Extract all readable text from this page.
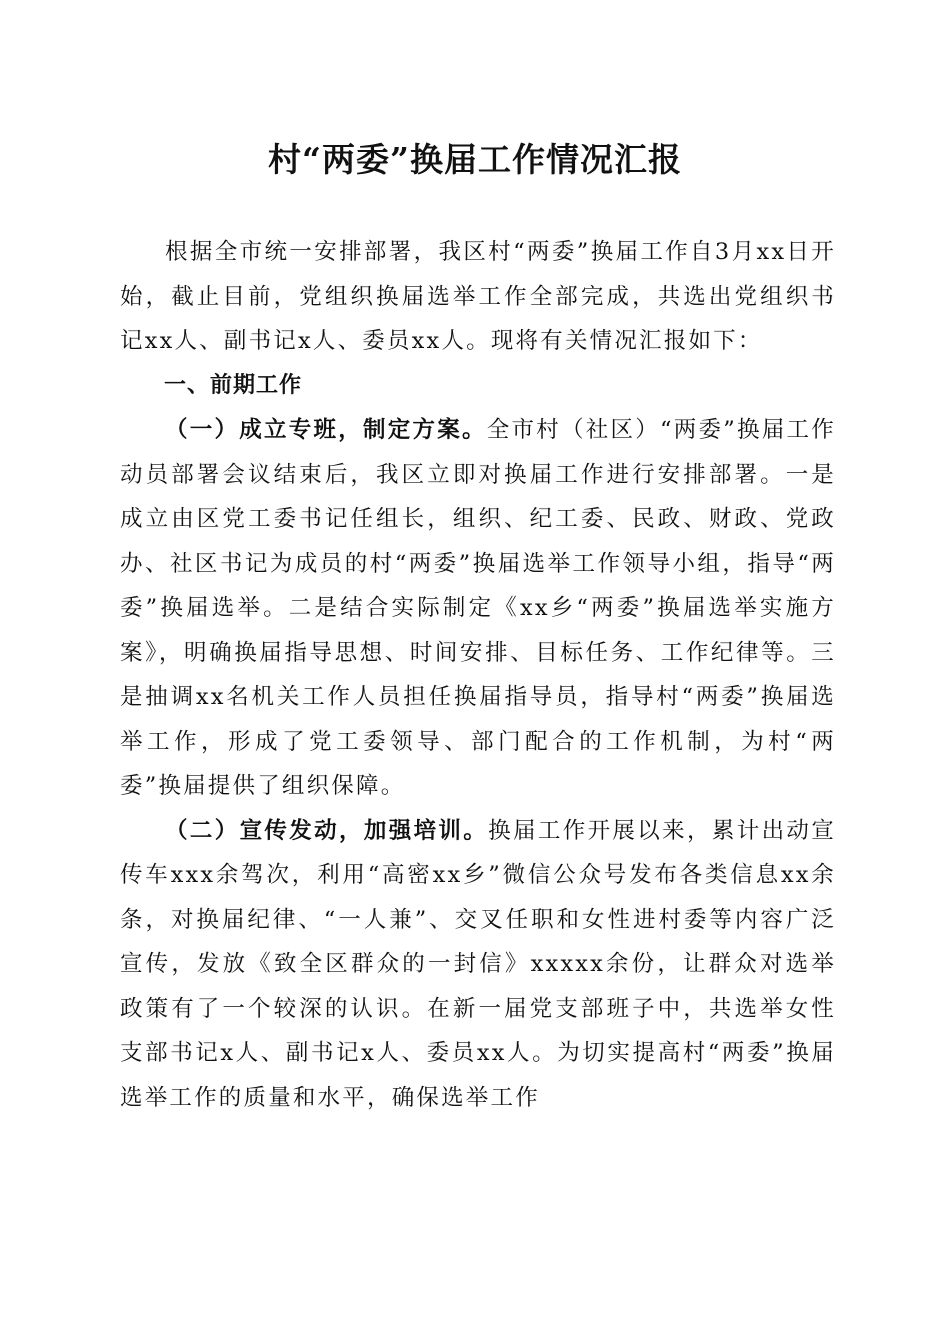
村“两委”换届工作情况汇报

根据全市统一安排部署，我区村“两委”换届工作自3月xx日开始，截止目前，党组织换届选举工作全部完成，共选出党组织书记xx人、副书记x人、委员xx人。现将有关情况汇报如下：

一、前期工作

（一）成立专班，制定方案。全市村（社区）“两委”换届工作动员部署会议结束后，我区立即对换届工作进行安排部署。一是成立由区党工委书记任组长，组织、纪工委、民政、财政、党政办、社区书记为成员的村“两委”换届选举工作领导小组，指导“两委”换届选举。二是结合实际制定《xx乡“两委”换届选举实施方案》，明确换届指导思想、时间安排、目标任务、工作纪律等。三是抽调xx名机关工作人员担任换届指导员，指导村“两委”换届选举工作，形成了党工委领导、部门配合的工作机制，为村“两委”换届提供了组织保障。

（二）宣传发动，加强培训。换届工作开展以来，累计出动宣传车xxx余驾次，利用“高密xx乡”微信公众号发布各类信息xx余条，对换届纪律、“一人兼”、交叉任职和女性进村委等内容广泛宣传，发放《致全区群众的一封信》xxxxx余份，让群众对选举政策有了一个较深的认识。在新一届党支部班子中，共选举女性支部书记x人、副书记x人、委员xx人。为切实提高村“两委”换届选举工作的质量和水平，确保选举工作
